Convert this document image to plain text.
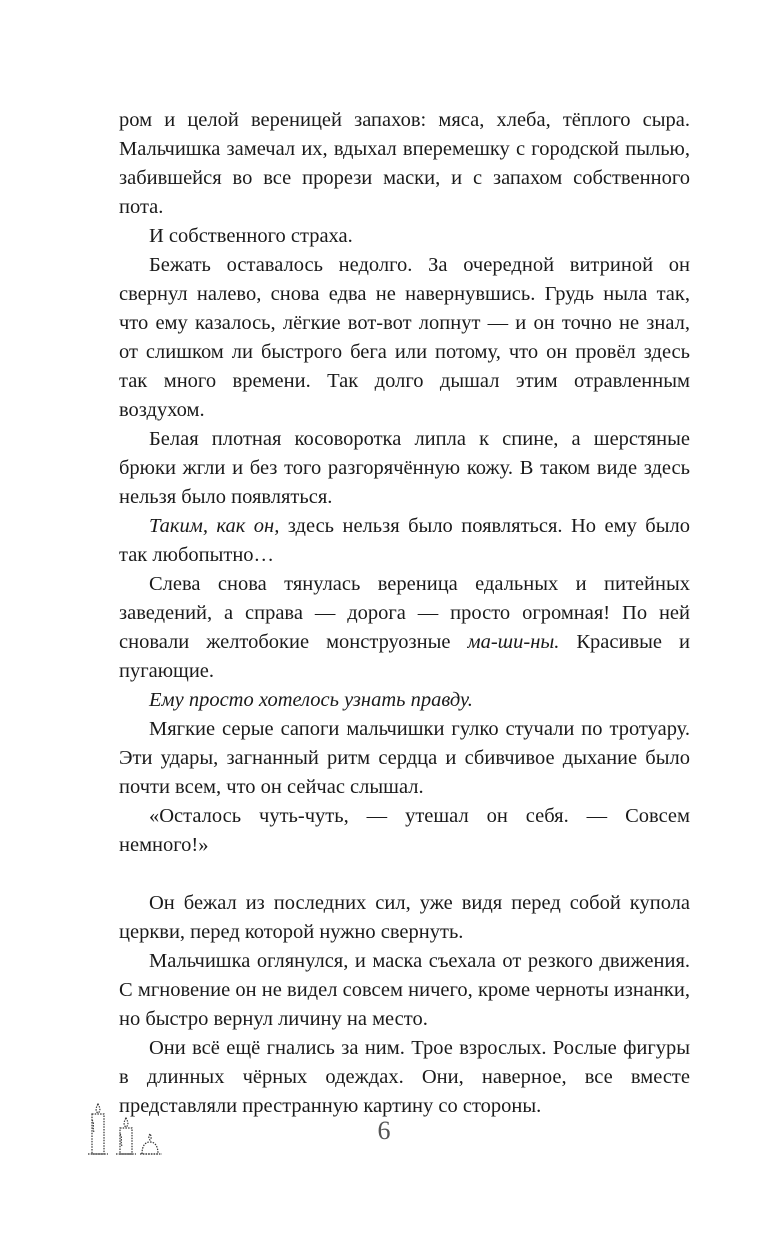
ром и целой вереницей запахов: мяса, хлеба, тёплого сыра. Мальчишка замечал их, вдыхал вперемешку с городской пылью, забившейся во все прорези маски, и с запахом собственного пота.

И собственного страха.

Бежать оставалось недолго. За очередной витриной он свернул налево, снова едва не навернувшись. Грудь ныла так, что ему казалось, лёгкие вот-вот лопнут — и он точно не знал, от слишком ли быстрого бега или потому, что он провёл здесь так много времени. Так долго дышал этим отравленным воздухом.

Белая плотная косоворотка липла к спине, а шерстяные брюки жгли и без того разгорячённую кожу. В таком виде здесь нельзя было появляться.

Таким, как он, здесь нельзя было появляться. Но ему было так любопытно…

Слева снова тянулась вереница едальных и питейных заведений, а справа — дорога — просто огромная! По ней сновали желтобокие монструозные ма-ши-ны. Красивые и пугающие.

Ему просто хотелось узнать правду.

Мягкие серые сапоги мальчишки гулко стучали по тротуару. Эти удары, загнанный ритм сердца и сбивчивое дыхание было почти всем, что он сейчас слышал.

«Осталось чуть-чуть, — утешал он себя. — Совсем немного!»

Он бежал из последних сил, уже видя перед собой купола церкви, перед которой нужно свернуть.

Мальчишка оглянулся, и маска съехала от резкого движения. С мгновение он не видел совсем ничего, кроме черноты изнанки, но быстро вернул личину на место.

Они всё ещё гнались за ним. Трое взрослых. Рослые фигуры в длинных чёрных одеждах. Они, наверное, все вместе представляли престранную картину со стороны.

6
